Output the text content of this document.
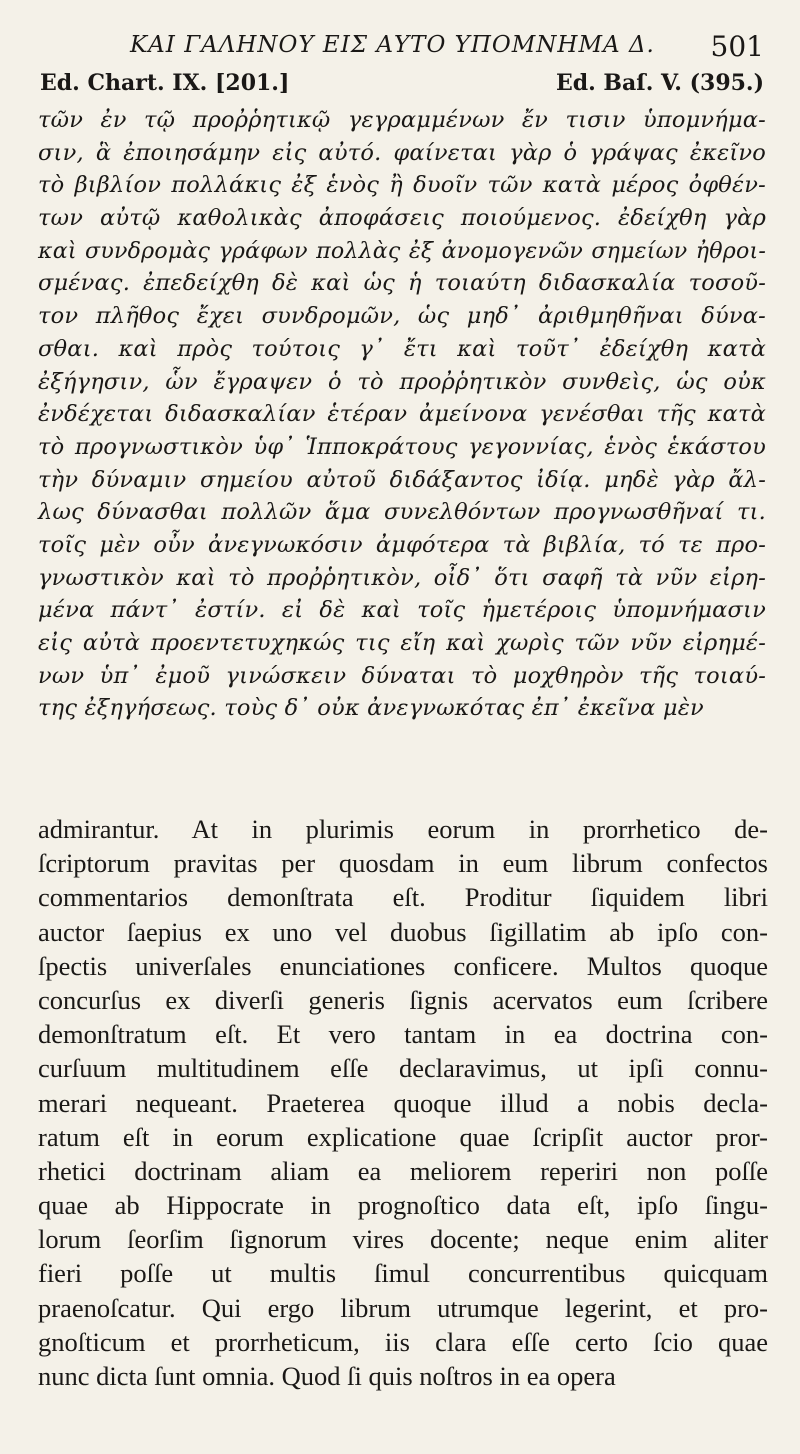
ΚΑΙ ΓΑΛΗΝΟΥ ΕΙΣ ΑΥΤΟ ΥΠΟΜΝΗΜΑ Δ. 501
Ed. Chart. IX. [201.]	Ed. Baſ. V. (395.)
τῶν ἐν τῷ προῤῥητικῷ γεγραμμένων ἔν τισιν ὑπομνήμα-
σιν, ἃ ἐποιησάμην εἰς αὐτό. φαίνεται γὰρ ὁ γράψας ἐκεῖνο
τὸ βιβλίον πολλάκις ἐξ ἑνὸς ἢ δυοῖν τῶν κατὰ μέρος ὀφθέν-
των αὐτῷ καθολικὰς ἀποφάσεις ποιούμενος. ἐδείχθη γὰρ
καὶ συνδρομὰς γράφων πολλὰς ἐξ ἀνομογενῶν σημείων ἠθροι-
σμένας. ἐπεδείχθη δὲ καὶ ὡς ἡ τοιαύτη διδασκαλία τοσοῦ-
τον πλῆθος ἔχει συνδρομῶν, ὡς μηδ᾽ ἀριθμηθῆναι δύνα-
σθαι. καὶ πρὸς τούτοις γ᾽ ἔτι καὶ τοῦτ᾽ ἐδείχθη κατὰ
ἐξήγησιν, ὧν ἔγραψεν ὁ τὸ προῤῥητικὸν συνθεὶς, ὡς οὐκ
ἐνδέχεται διδασκαλίαν ἑτέραν ἀμείνονα γενέσθαι τῆς κατὰ
τὸ προγνωστικὸν ὑφ᾽ Ἱπποκράτους γεγοννίας, ἑνὸς ἑκάστου
τὴν δύναμιν σημείου αὐτοῦ διδάξαντος ἰδίᾳ. μηδὲ γὰρ ἄλ-
λως δύνασθαι πολλῶν ἅμα συνελθόντων προγνωσθῆναί τι.
τοῖς μὲν οὖν ἀνεγνωκόσιν ἀμφότερα τὰ βιβλία, τό τε προ-
γνωστικὸν καὶ τὸ προῤῥητικὸν, οἶδ᾽ ὅτι σαφῆ τὰ νῦν εἰρη-
μένα πάντ᾽ ἐστίν. εἰ δὲ καὶ τοῖς ἡμετέροις ὑπομνήμασιν
εἰς αὐτὰ προεντετυχηκώς τις εἴη καὶ χωρὶς τῶν νῦν εἰρημέ-
νων ὑπ᾽ ἐμοῦ γινώσκειν δύναται τὸ μοχθηρὸν τῆς τοιαύ-
της ἐξηγήσεως. τοὺς δ᾽ οὐκ ἀνεγνωκότας ἐπ᾽ ἐκεῖνα μὲν
admirantur. At in plurimis eorum in prorrhetico de-
ſcriptorum pravitas per quosdam in eum librum confectos
commentarios demonſtrata eſt. Proditur ſiquidem libri
auctor ſaepius ex uno vel duobus ſigillatim ab ipſo con-
ſpectis univerſales enunciationes conficere. Multos quoque
concurſus ex diverſi generis ſignis acervatos eum ſcribere
demonſtratum eſt. Et vero tantam in ea doctrina con-
curſuum multitudinem eſſe declaravimus, ut ipſi connu-
merari nequeant. Praeterea quoque illud a nobis decla-
ratum eſt in eorum explicatione quae ſcripſit auctor pror-
rhetici doctrinam aliam ea meliorem reperiri non poſſe
quae ab Hippocrate in prognoſtico data eſt, ipſo ſingu-
lorum ſeorſim ſignorum vires docente; neque enim aliter
fieri poſſe ut multis ſimul concurrentibus quicquam
praenoſcatur. Qui ergo librum utrumque legerint, et pro-
gnoſticum et prorrheticum, iis clara eſſe certo ſcio quae
nunc dicta ſunt omnia. Quod ſi quis noſtros in ea opera
